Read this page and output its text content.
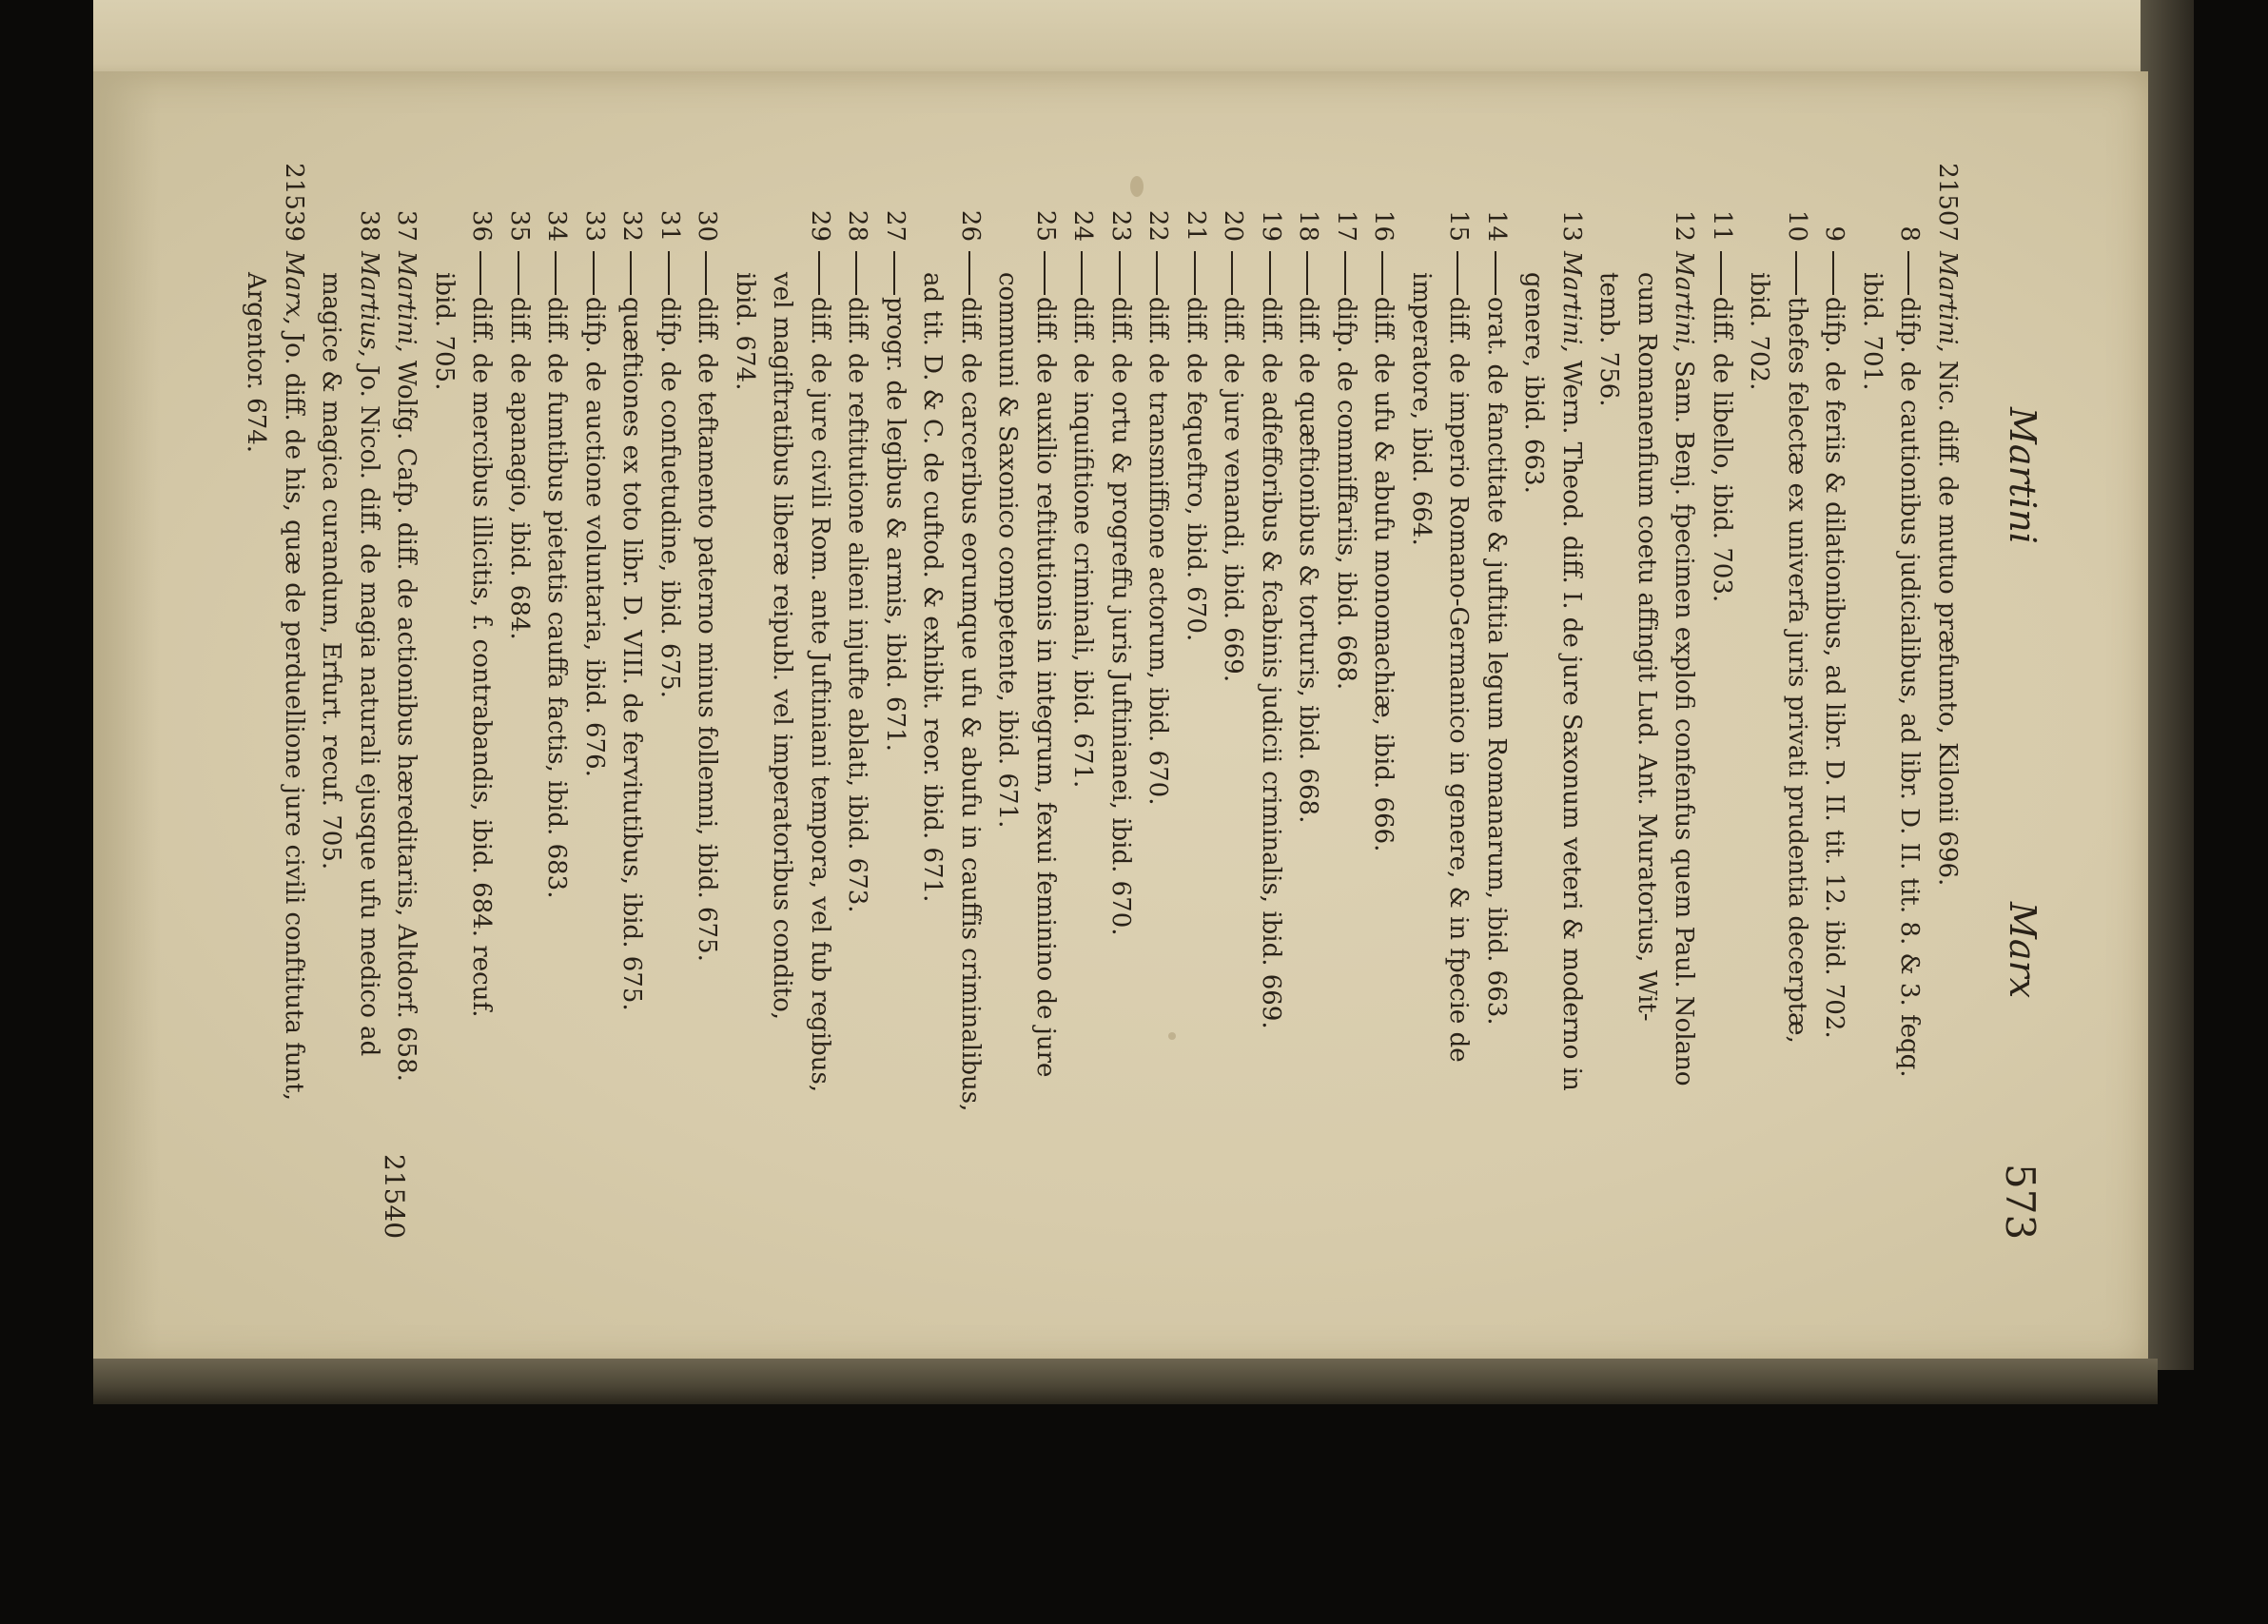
Martini
Marx
573
21507
Martini, Nic. diff. de mutuo præfumto, Kilonii 696.
8
difp. de cautionibus judicialibus, ad libr. D. II. tit. 8. & 3. feqq.
ibid. 701.
9
difp. de feriis & dilationibus, ad libr. D. II. tit. 12. ibid. 702.
10
thefes felectæ ex univerfa juris privati prudentia decerptæ,
ibid. 702.
11
diff. de libello, ibid. 703.
12
Martini, Sam. Benj. fpecimen explofi confenfus quem Paul. Nolano
cum Romanenfium coetu affingit Lud. Ant. Muratorius, Wit-
temb. 756.
13
Martini, Wern. Theod. diff. I. de jure Saxonum veteri & moderno in
genere, ibid. 663.
14
orat. de fanctitate & juftitia legum Romanarum, ibid. 663.
15
diff. de imperio Romano-Germanico in genere, & in fpecie de
imperatore, ibid. 664.
16
diff. de ufu & abufu monomachiæ, ibid. 666.
17
difp. de commiffariis, ibid. 668.
18
diff. de quæftionibus & torturis, ibid. 668.
19
diff. de adfefforibus & fcabinis judicii criminalis, ibid. 669.
20
diff. de jure venandi, ibid. 669.
21
diff. de fequeftro, ibid. 670.
22
diff. de transmiffione actorum, ibid. 670.
23
diff. de ortu & progreffu juris Juftinianei, ibid. 670.
24
diff. de inquifitione criminali, ibid. 671.
25
diff. de auxilio reftitutionis in integrum, fexui feminino de jure
communi & Saxonico competente, ibid. 671.
26
diff. de carceribus eorumque ufu & abufu in cauffis criminalibus,
ad tit. D. & C. de cuftod. & exhibit. reor. ibid. 671.
27
progr. de legibus & armis, ibid. 671.
28
diff. de reftitutione alieni injufte ablati, ibid. 673.
29
diff. de jure civili Rom. ante Juftiniani tempora, vel fub regibus,
vel magiftratibus liberæ reipubl. vel imperatoribus condito,
ibid. 674.
30
diff. de teftamento paterno minus follemni, ibid. 675.
31
difp. de confuetudine, ibid. 675.
32
quæftiones ex toto libr. D. VIII. de fervitutibus, ibid. 675.
33
difp. de auctione voluntaria, ibid. 676.
34
diff. de fumtibus pietatis cauffa factis, ibid. 683.
35
diff. de apanagio, ibid. 684.
36
diff. de mercibus illicitis, f. contrabandis, ibid. 684. recuf.
ibid. 705.
37
Martini, Wolfg. Cafp. diff. de actionibus hæreditariis, Altdorf. 658.
38
Martius, Jo. Nicol. diff. de magia naturali ejusque ufu medico ad
magice & magica curandum, Erfurt. recuf. 705.
21539
Marx, Jo. diff. de his, quæ de perduellione jure civili conftituta funt,
Argentor. 674.
21540
